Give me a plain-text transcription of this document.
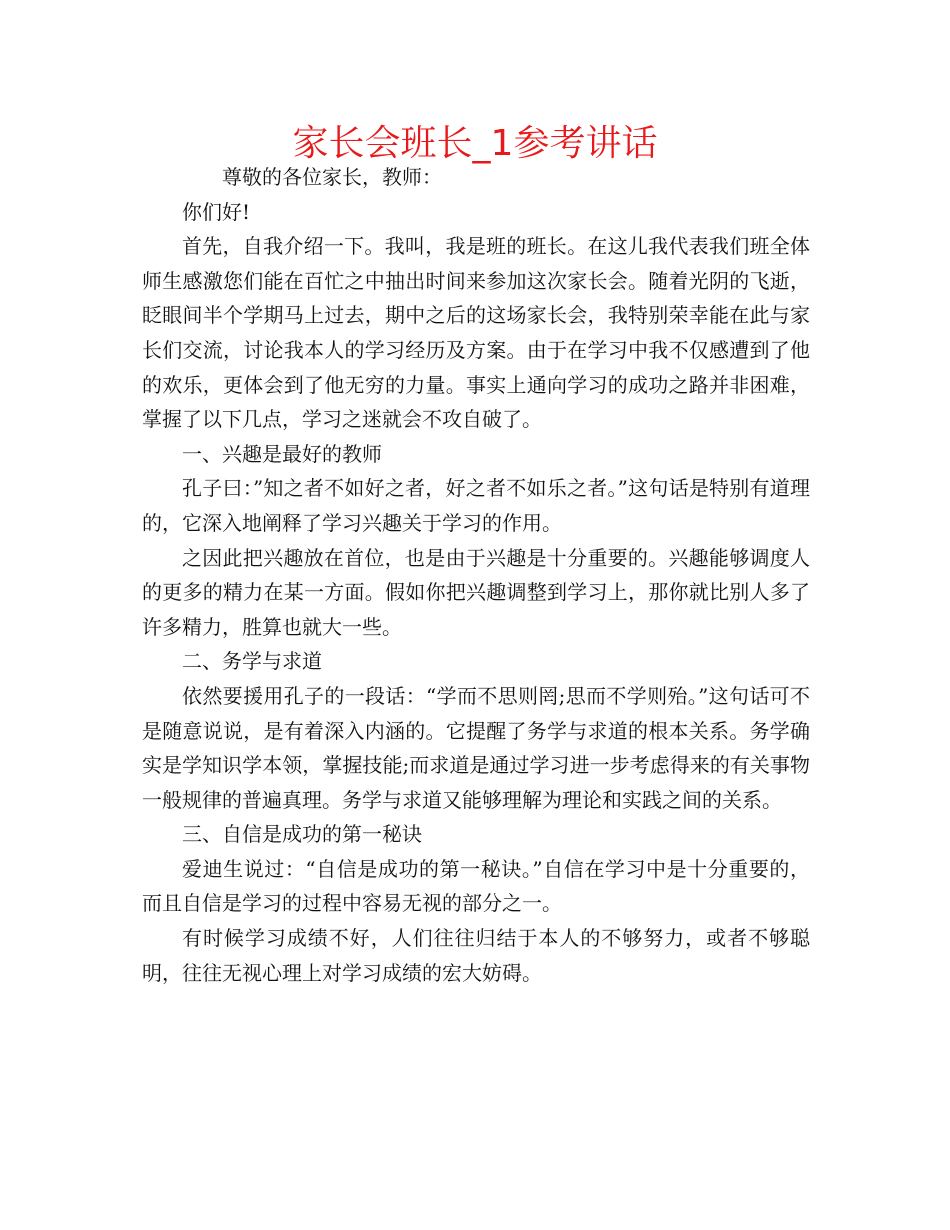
家长会班长_1参考讲话

尊敬的各位家长，教师：

你们好!

首先，自我介绍一下。我叫，我是班的班长。在这儿我代表我们班全体师生感激您们能在百忙之中抽出时间来参加这次家长会。随着光阴的飞逝，眨眼间半个学期马上过去，期中之后的这场家长会，我特别荣幸能在此与家长们交流，讨论我本人的学习经历及方案。由于在学习中我不仅感遭到了他的欢乐，更体会到了他无穷的力量。事实上通向学习的成功之路并非困难，掌握了以下几点，学习之迷就会不攻自破了。

一、兴趣是最好的教师

孔子曰：”知之者不如好之者，好之者不如乐之者。”这句话是特别有道理的，它深入地阐释了学习兴趣关于学习的作用。

之因此把兴趣放在首位，也是由于兴趣是十分重要的。兴趣能够调度人的更多的精力在某一方面。假如你把兴趣调整到学习上，那你就比别人多了许多精力，胜算也就大一些。

二、务学与求道

依然要援用孔子的一段话：“学而不思则罔;思而不学则殆。”这句话可不是随意说说，是有着深入内涵的。它提醒了务学与求道的根本关系。务学确实是学知识学本领，掌握技能;而求道是通过学习进一步考虑得来的有关事物一般规律的普遍真理。务学与求道又能够理解为理论和实践之间的关系。

三、自信是成功的第一秘诀

爱迪生说过：“自信是成功的第一秘诀。”自信在学习中是十分重要的，而且自信是学习的过程中容易无视的部分之一。

有时候学习成绩不好，人们往往归结于本人的不够努力，或者不够聪明，往往无视心理上对学习成绩的宏大妨碍。
